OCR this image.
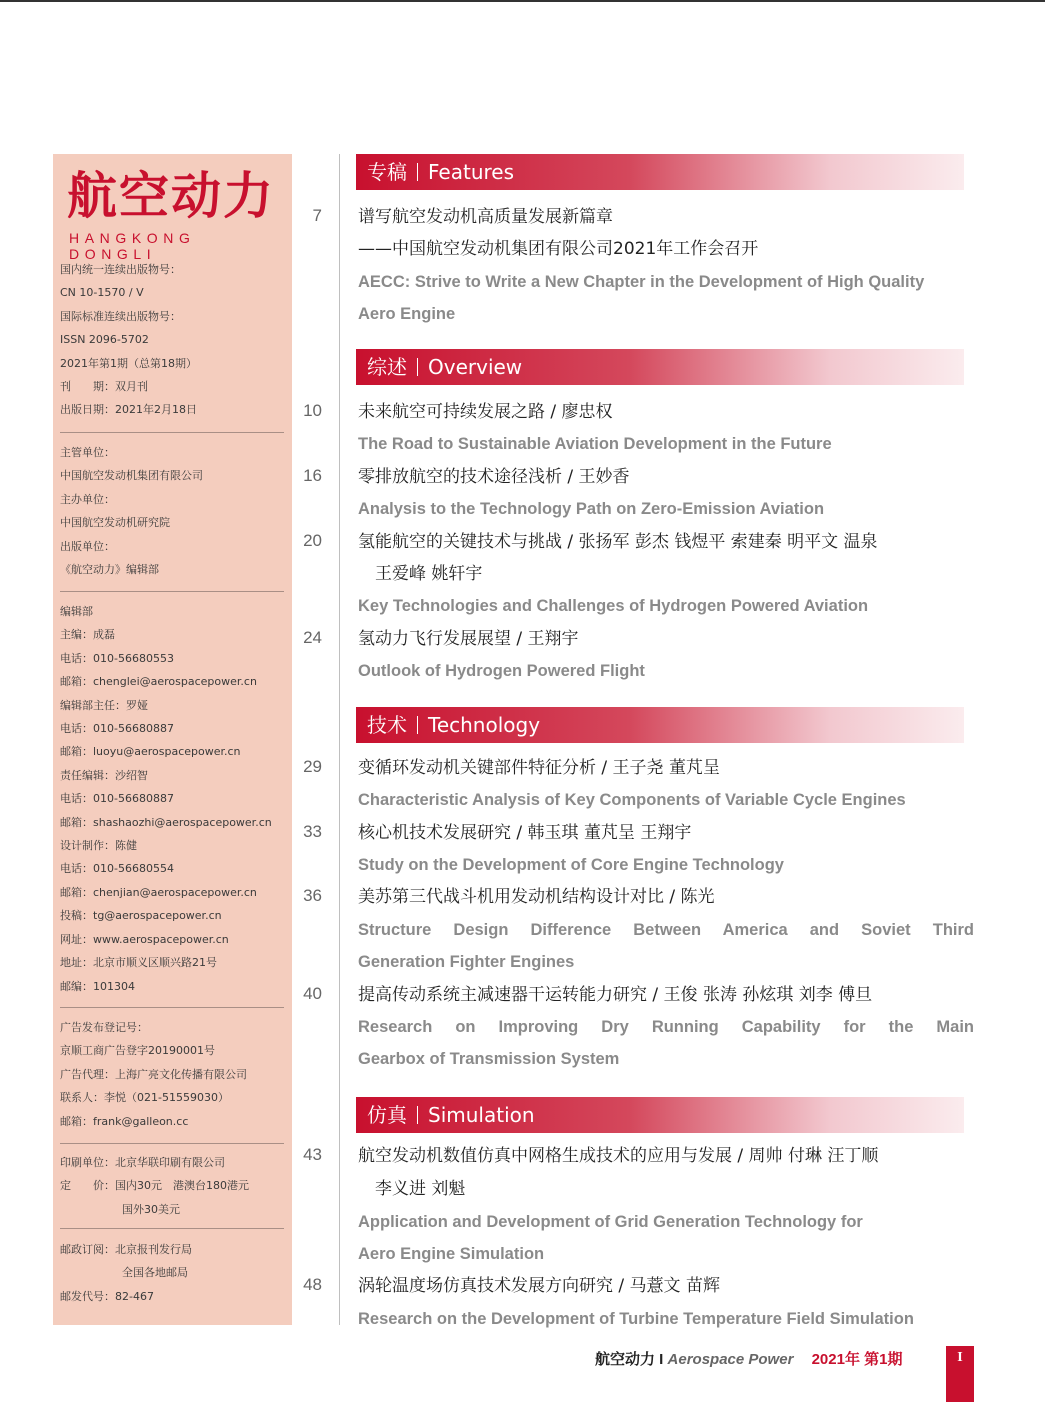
航空动力
HANGKONG DONGLI
国内统一连续出版物号：
CN 10-1570 / V
国际标准连续出版物号：
ISSN 2096-5702
2021年第1期（总第18期）
刊　　期：双月刊
出版日期：2021年2月18日
主管单位：
中国航空发动机集团有限公司
主办单位：
中国航空发动机研究院
出版单位：
《航空动力》编辑部
编辑部
主编：成磊
电话：010-56680553
邮箱：chenglei@aerospacepower.cn
编辑部主任：罗娅
电话：010-56680887
邮箱：luoyu@aerospacepower.cn
责任编辑：沙绍智
电话：010-56680887
邮箱：shashaozhi@aerospacepower.cn
设计制作：陈健
电话：010-56680554
邮箱：chenjian@aerospacepower.cn
投稿：tg@aerospacepower.cn
网址：www.aerospacepower.cn
地址：北京市顺义区顺兴路21号
邮编：101304
广告发布登记号：
京顺工商广告登字20190001号
广告代理：上海广亮文化传播有限公司
联系人：李悦（021-51559030）
邮箱：frank@galleon.cc
印刷单位：北京华联印刷有限公司
定　　价：国内30元　港澳台180港元
国外30美元
邮政订阅：北京报刊发行局
全国各地邮局
邮发代号：82-467
专稿 Features
7 谱写航空发动机高质量发展新篇章
——中国航空发动机集团有限公司2021年工作会召开
AECC: Strive to Write a New Chapter in the Development of High Quality
Aero Engine
综述 Overview
10 未来航空可持续发展之路 / 廖忠权
The Road to Sustainable Aviation Development in the Future
16 零排放航空的技术途径浅析 / 王妙香
Analysis to the Technology Path on Zero-Emission Aviation
20 氢能航空的关键技术与挑战 / 张扬军 彭杰 钱煜平 索建秦 明平文 温泉
王爱峰 姚轩宇
Key Technologies and Challenges of Hydrogen Powered Aviation
24 氢动力飞行发展展望 / 王翔宇
Outlook of Hydrogen Powered Flight
技术 Technology
29 变循环发动机关键部件特征分析 / 王子尧 董芃呈
Characteristic Analysis of Key Components of Variable Cycle Engines
33 核心机技术发展研究 / 韩玉琪 董芃呈 王翔宇
Study on the Development of Core Engine Technology
36 美苏第三代战斗机用发动机结构设计对比 / 陈光
Structure Design Difference Between America and Soviet Third
Generation Fighter Engines
40 提高传动系统主减速器干运转能力研究 / 王俊 张涛 孙炫琪 刘李 傅旦
Research on Improving Dry Running Capability for the Main
Gearbox of Transmission System
仿真 Simulation
43 航空发动机数值仿真中网格生成技术的应用与发展 / 周帅 付琳 汪丁顺
李义进 刘魁
Application and Development of Grid Generation Technology for
Aero Engine Simulation
48 涡轮温度场仿真技术发展方向研究 / 马薏文 苗辉
Research on the Development of Turbine Temperature Field Simulation
航空动力 I Aerospace Power 2021年 第1期	I
